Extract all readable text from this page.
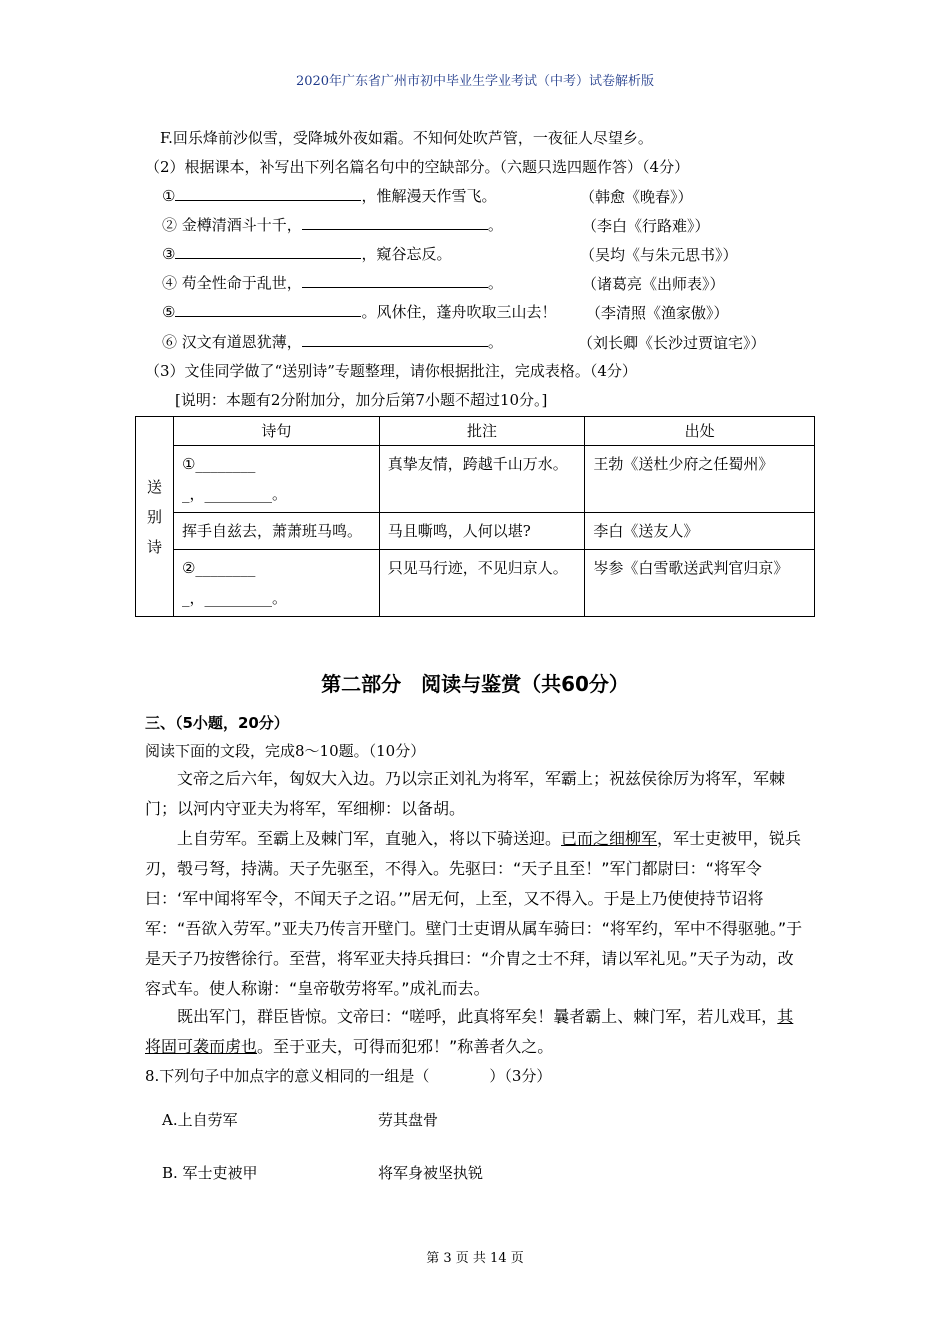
2020年广东省广州市初中毕业生学业考试（中考）试卷解析版
F.回乐烽前沙似雪，受降城外夜如霜。不知何处吹芦管，一夜征人尽望乡。
（2）根据课本，补写出下列名篇名句中的空缺部分。（六题只选四题作答）（4分）
①	，惟解漫天作雪飞。	（韩愈《晚春》）
② 金樽清酒斗十千，	。	（李白《行路难》）
③	，窥谷忘反。	（吴均《与朱元思书》）
④ 苟全性命于乱世，	。	（诸葛亮《出师表》）
⑤	。风休住，蓬舟吹取三山去！ （李清照《渔家傲》）
⑥ 汉文有道恩犹薄，	。	（刘长卿《长沙过贾谊宅》）
（3）文佳同学做了“送别诗”专题整理，请你根据批注，完成表格。（4分）
[说明：本题有2分附加分，加分后第7小题不超过10分。]
送别诗	诗句	批注	出处

	①________
_，_________。	真挚友情，跨越千山万水。	王勃《送杜少府之任蜀州》
	挥手自兹去，萧萧班马鸣。	马且嘶鸣，人何以堪?	李白《送友人》

	②________
_，_________。	只见马行迹，不见归京人。	岑参《白雪歌送武判官归京》
第二部分　阅读与鉴赏（共60分）
三、（5小题，20分）
阅读下面的文段，完成8～10题。（10分）
文帝之后六年，匈奴大入边。乃以宗正刘礼为将军，军霸上；祝兹侯徐厉为将军，军棘门；以河内守亚夫为将军，军细柳：以备胡。
上自劳军。至霸上及棘门军，直驰入，将以下骑送迎。已而之细柳军，军士吏被甲，锐兵刃，彀弓弩，持满。天子先驱至，不得入。先驱曰：“天子且至！”军门都尉曰：“将军令曰：‘军中闻将军令，不闻天子之诏。’”居无何，上至，又不得入。于是上乃使使持节诏将军：“吾欲入劳军。”亚夫乃传言开壁门。壁门士吏谓从属车骑曰：“将军约，军中不得驱驰。”于是天子乃按辔徐行。至营，将军亚夫持兵揖曰：“介胄之士不拜，请以军礼见。”天子为动，改容式车。使人称谢：“皇帝敬劳将军。”成礼而去。
既出军门，群臣皆惊。文帝曰：“嗟呼，此真将军矣！曩者霸上、棘门军，若儿戏耳，其将固可袭而虏也。至于亚夫，可得而犯邪！”称善者久之。
8.下列句子中加点字的意义相同的一组是（　　　　）（3分）
A.上自劳军	劳其盘骨
B. 军士吏被甲	将军身被坚执锐
第 3 页 共 14 页
